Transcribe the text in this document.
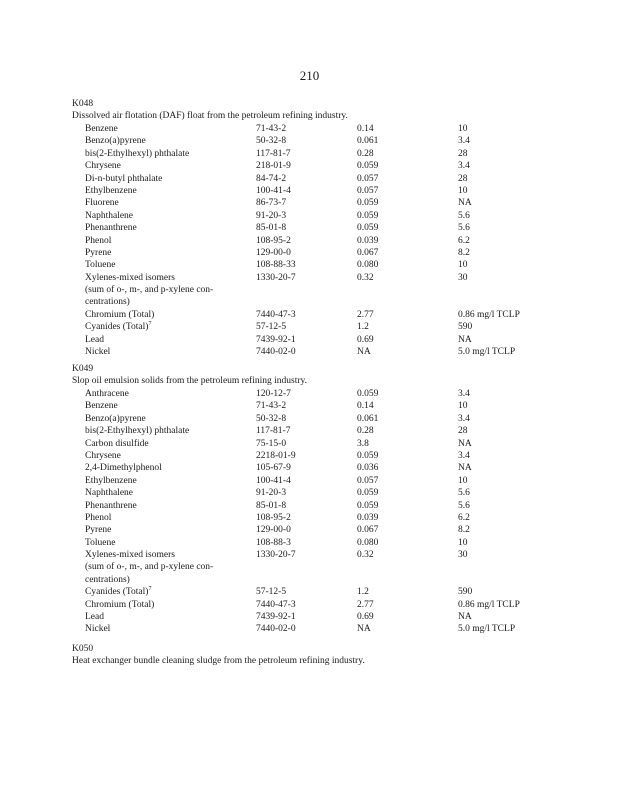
210
K048
Dissolved air flotation (DAF) float from the petroleum refining industry.
Benzene	71-43-2	0.14	10
Benzo(a)pyrene	50-32-8	0.061	3.4
bis(2-Ethylhexyl) phthalate	117-81-7	0.28	28
Chrysene	218-01-9	0.059	3.4
Di-n-butyl phthalate	84-74-2	0.057	28
Ethylbenzene	100-41-4	0.057	10
Fluorene	86-73-7	0.059	NA
Naphthalene	91-20-3	0.059	5.6
Phenanthrene	85-01-8	0.059	5.6
Phenol	108-95-2	0.039	6.2
Pyrene	129-00-0	0.067	8.2
Toluene	108-88-33	0.080	10
Xylenes-mixed isomers	1330-20-7	0.32	30
(sum of o-, m-, and p-xylene con-
centrations)
Chromium (Total)	7440-47-3	2.77	0.86 mg/l TCLP
Cyanides (Total)$^7$	57-12-5	1.2	590
Lead	7439-92-1	0.69	NA
Nickel	7440-02-0	NA	5.0 mg/l TCLP
K049
Slop oil emulsion solids from the petroleum refining industry.
Anthracene	120-12-7	0.059	3.4
Benzene	71-43-2	0.14	10
Benzo(a)pyrene	50-32-8	0.061	3.4
bis(2-Ethylhexyl) phthalate	117-81-7	0.28	28
Carbon disulfide	75-15-0	3.8	NA
Chrysene	2218-01-9	0.059	3.4
2,4-Dimethylphenol	105-67-9	0.036	NA
Ethylbenzene	100-41-4	0.057	10
Naphthalene	91-20-3	0.059	5.6
Phenanthrene	85-01-8	0.059	5.6
Phenol	108-95-2	0.039	6.2
Pyrene	129-00-0	0.067	8.2
Toluene	108-88-3	0.080	10
Xylenes-mixed isomers	1330-20-7	0.32	30
(sum of o-, m-, and p-xylene con-
centrations)
Cyanides (Total)$^7$	57-12-5	1.2	590
Chromium (Total)	7440-47-3	2.77	0.86 mg/l TCLP
Lead	7439-92-1	0.69	NA
Nickel	7440-02-0	NA	5.0 mg/l TCLP
K050
Heat exchanger bundle cleaning sludge from the petroleum refining industry.
